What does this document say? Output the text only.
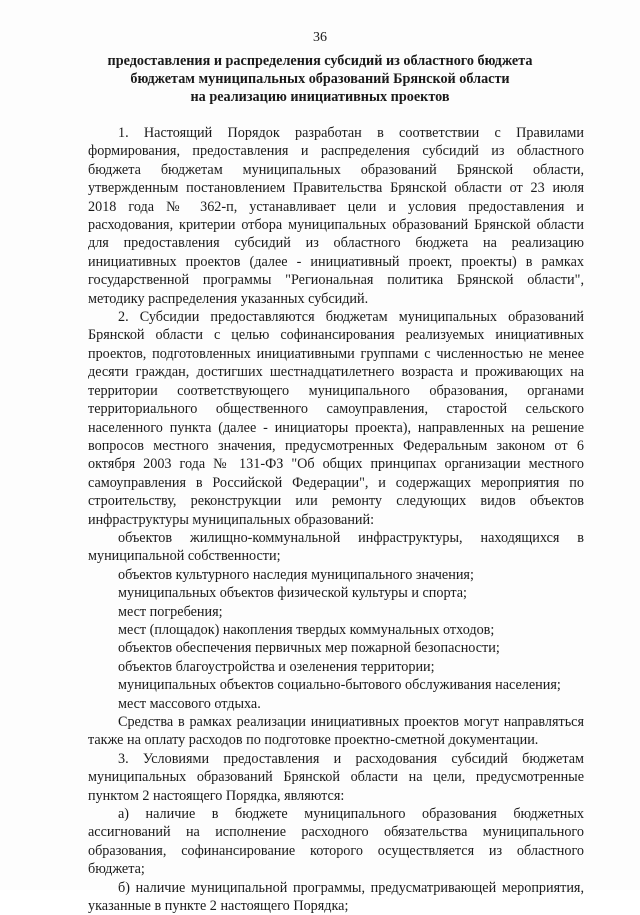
36
предоставления и распределения субсидий из областного бюджета
бюджетам муниципальных образований Брянской области
на реализацию инициативных проектов
1. Настоящий Порядок разработан в соответствии с Правилами формирования, предоставления и распределения субсидий из областного бюджета бюджетам муниципальных образований Брянской области, утвержденным постановлением Правительства Брянской области от 23 июля 2018 года № 362-п, устанавливает цели и условия предоставления и расходования, критерии отбора муниципальных образований Брянской области для предоставления субсидий из областного бюджета на реализацию инициативных проектов (далее - инициативный проект, проекты) в рамках государственной программы "Региональная политика Брянской области", методику распределения указанных субсидий.
2. Субсидии предоставляются бюджетам муниципальных образований Брянской области с целью софинансирования реализуемых инициативных проектов, подготовленных инициативными группами с численностью не менее десяти граждан, достигших шестнадцатилетнего возраста и проживающих на территории соответствующего муниципального образования, органами территориального общественного самоуправления, старостой сельского населенного пункта (далее - инициаторы проекта), направленных на решение вопросов местного значения, предусмотренных Федеральным законом от 6 октября 2003 года № 131-ФЗ "Об общих принципах организации местного самоуправления в Российской Федерации", и содержащих мероприятия по строительству, реконструкции или ремонту следующих видов объектов инфраструктуры муниципальных образований:
объектов жилищно-коммунальной инфраструктуры, находящихся в муниципальной собственности;
объектов культурного наследия муниципального значения;
муниципальных объектов физической культуры и спорта;
мест погребения;
мест (площадок) накопления твердых коммунальных отходов;
объектов обеспечения первичных мер пожарной безопасности;
объектов благоустройства и озеленения территории;
муниципальных объектов социально-бытового обслуживания населения;
мест массового отдыха.
Средства в рамках реализации инициативных проектов могут направляться также на оплату расходов по подготовке проектно-сметной документации.
3. Условиями предоставления и расходования субсидий бюджетам муниципальных образований Брянской области на цели, предусмотренные пунктом 2 настоящего Порядка, являются:
а) наличие в бюджете муниципального образования бюджетных ассигнований на исполнение расходного обязательства муниципального образования, софинансирование которого осуществляется из областного бюджета;
б) наличие муниципальной программы, предусматривающей мероприятия, указанные в пункте 2 настоящего Порядка;
